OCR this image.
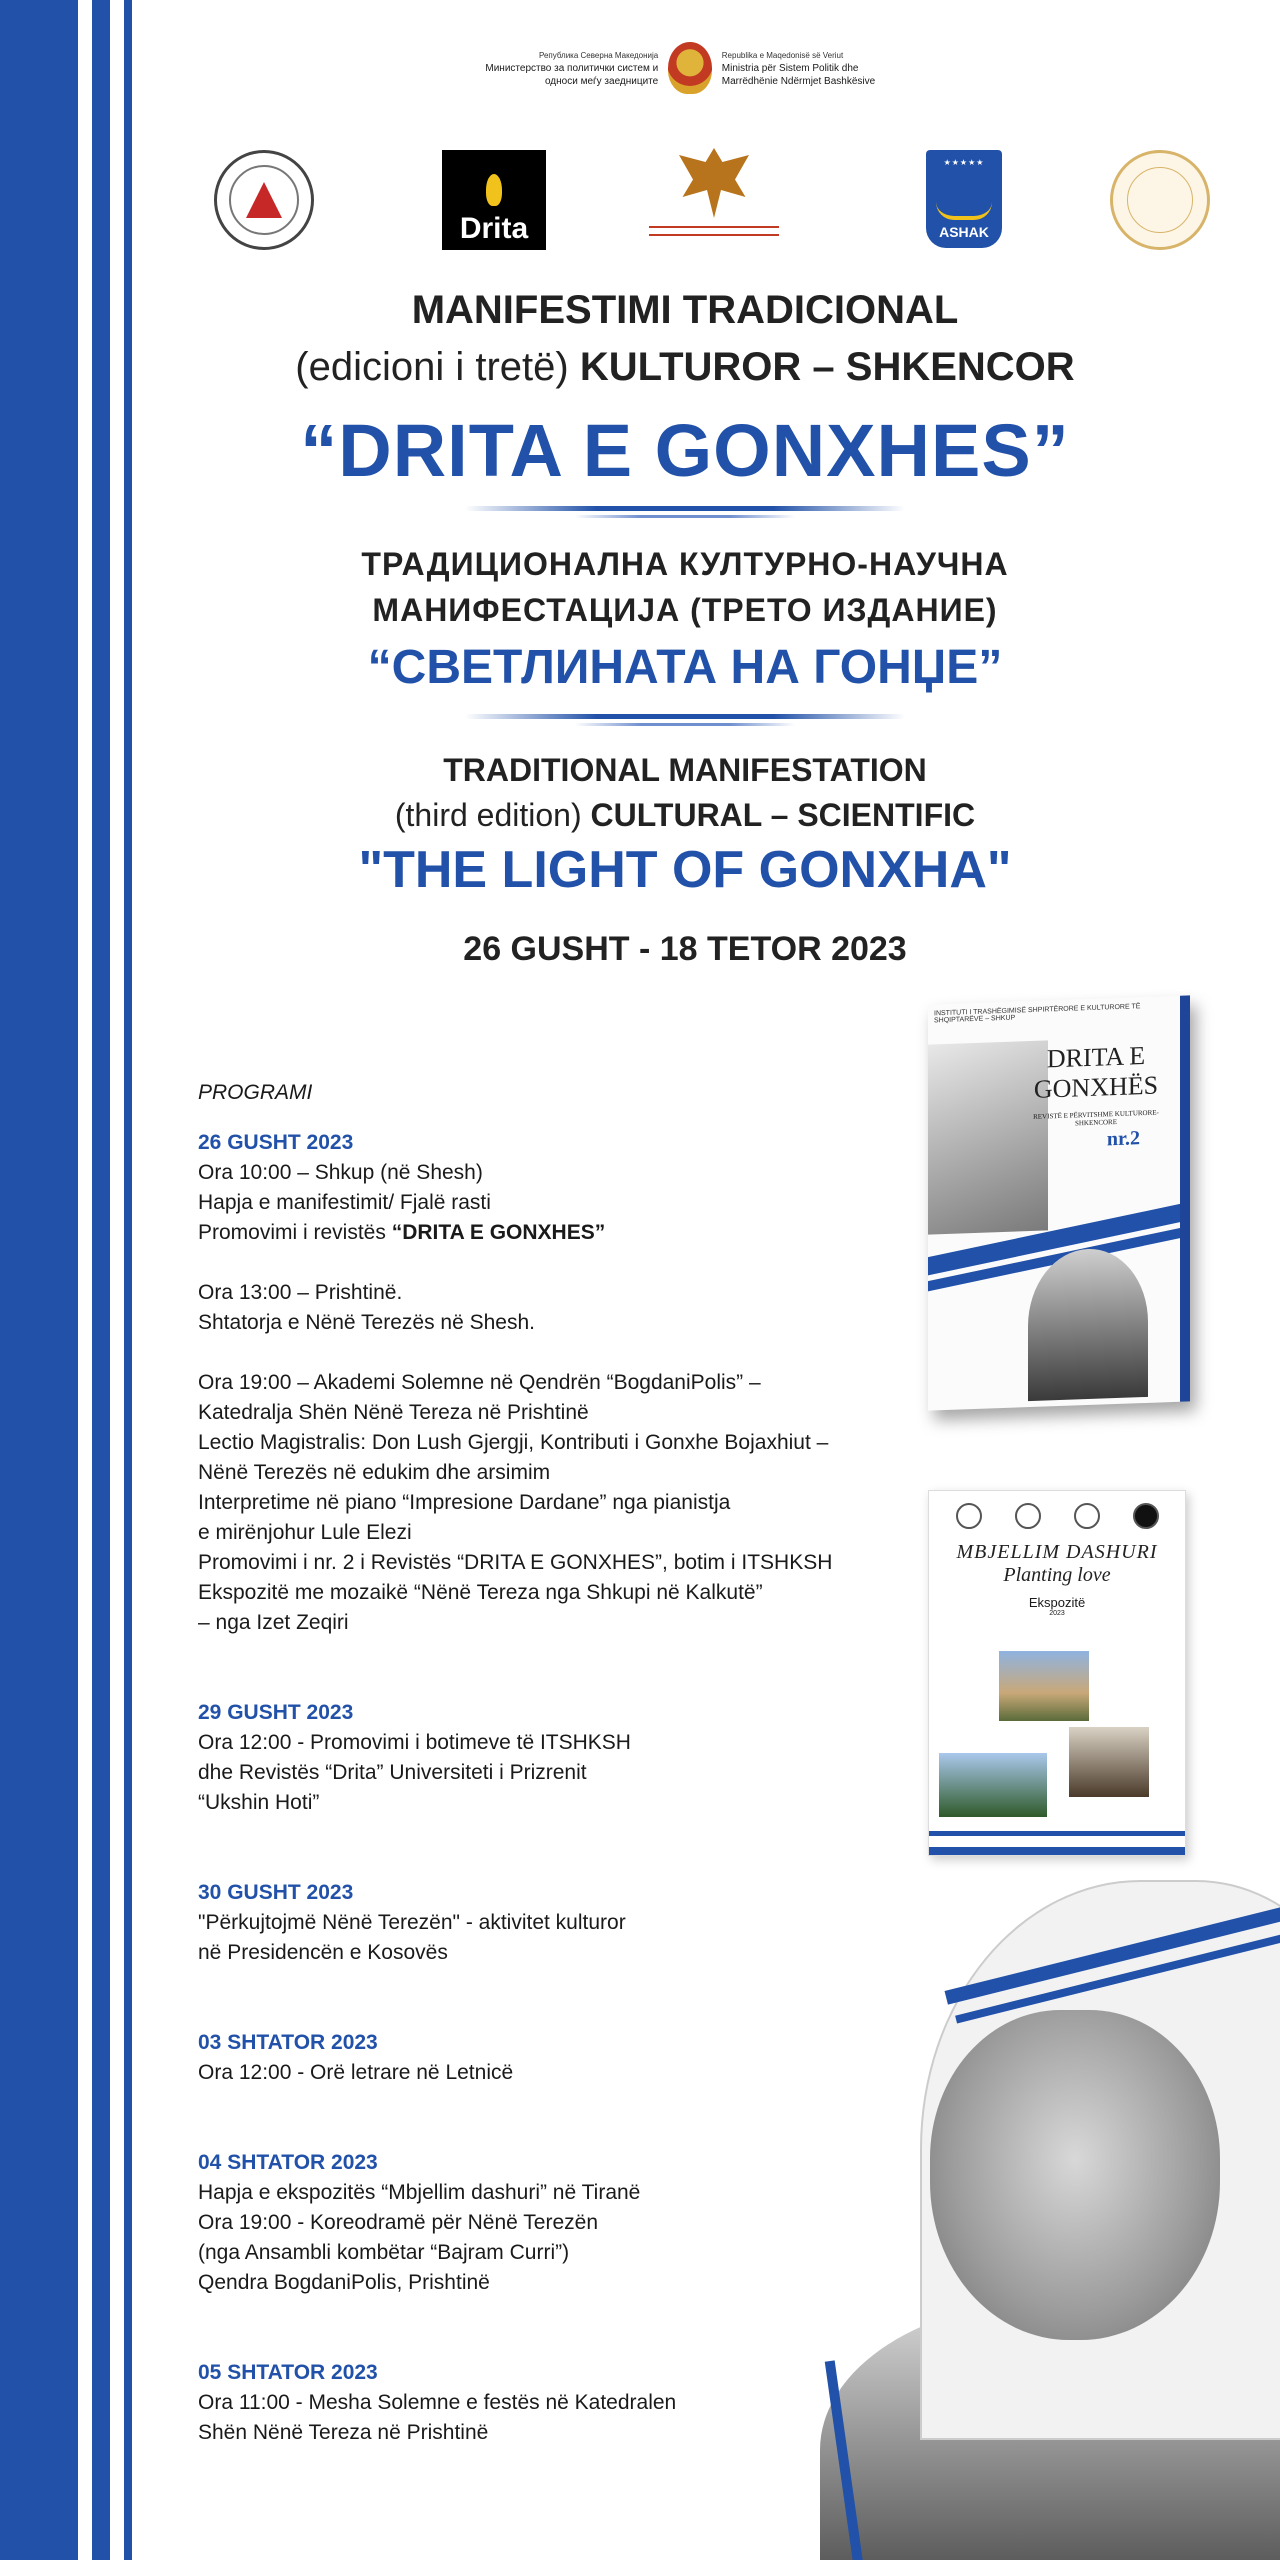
Република Северна Македонија
Министерство за политички систем и односи меѓу заедниците
Republika e Maqedonisë së Veriut
Ministria për Sistem Politik dhe Marrëdhënie Ndërmjet Bashkësive
Drita
★★★★★
ASHAK
MANIFESTIMI TRADICIONAL
(edicioni i tretë) KULTUROR – SHKENCOR
“DRITA E GONXHES”
ТРАДИЦИОНАЛНА КУЛТУРНО-НАУЧНА
МАНИФЕСТАЦИЈА (ТРЕТО ИЗДАНИЕ)
“СВЕТЛИНАТА НА ГОНЏЕ”
TRADITIONAL MANIFESTATION
(third edition) CULTURAL – SCIENTIFIC
"THE LIGHT OF GONXHA"
26 GUSHT - 18 TETOR 2023
PROGRAMI
26 GUSHT 2023
Ora 10:00 – Shkup (në Shesh)
Hapja e manifestimit/ Fjalë rasti
Promovimi i revistës “DRITA E GONXHES”
Ora 13:00 – Prishtinë.
Shtatorja e Nënë Terezës në Shesh.
Ora 19:00 – Akademi Solemne në Qendrën “BogdaniPolis” –
Katedralja Shën Nënë Tereza në Prishtinë
Lectio Magistralis: Don Lush Gjergji, Kontributi i Gonxhe Bojaxhiut –
Nënë Terezës në edukim dhe arsimim
Interpretime në piano “Impresione Dardane” nga pianistja
e mirënjohur Lule Elezi
Promovimi i nr. 2 i Revistës “DRITA E GONXHES”, botim i ITSHKSH
Ekspozitë me mozaikë “Nënë Tereza nga Shkupi në Kalkutë”
– nga Izet Zeqiri
29 GUSHT 2023
Ora 12:00 - Promovimi i botimeve të ITSHKSH
dhe Revistës “Drita” Universiteti i Prizrenit
“Ukshin Hoti”
30 GUSHT 2023
"Përkujtojmë Nënë Terezën" - aktivitet kulturor
në Presidencën e Kosovës
03 SHTATOR 2023
Ora 12:00 - Orë letrare në Letnicë
04 SHTATOR 2023
Hapja e ekspozitës “Mbjellim dashuri” në Tiranë
Ora 19:00 - Koreodramë për Nënë Terezën
(nga Ansambli kombëtar “Bajram Curri”)
Qendra BogdaniPolis, Prishtinë
05 SHTATOR 2023
Ora 11:00 - Mesha Solemne e festës në Katedralen
Shën Nënë Tereza në Prishtinë
INSTITUTI I TRASHËGIMISË SHPIRTËRORE E KULTURORE TË SHQIPTARËVE – SHKUP
DRITA E GONXHËS
REVISTË E PËRVITSHME KULTURORE-SHKENCORE
nr.2
MBJELLIM DASHURI
Planting love
Ekspozitë
2023
